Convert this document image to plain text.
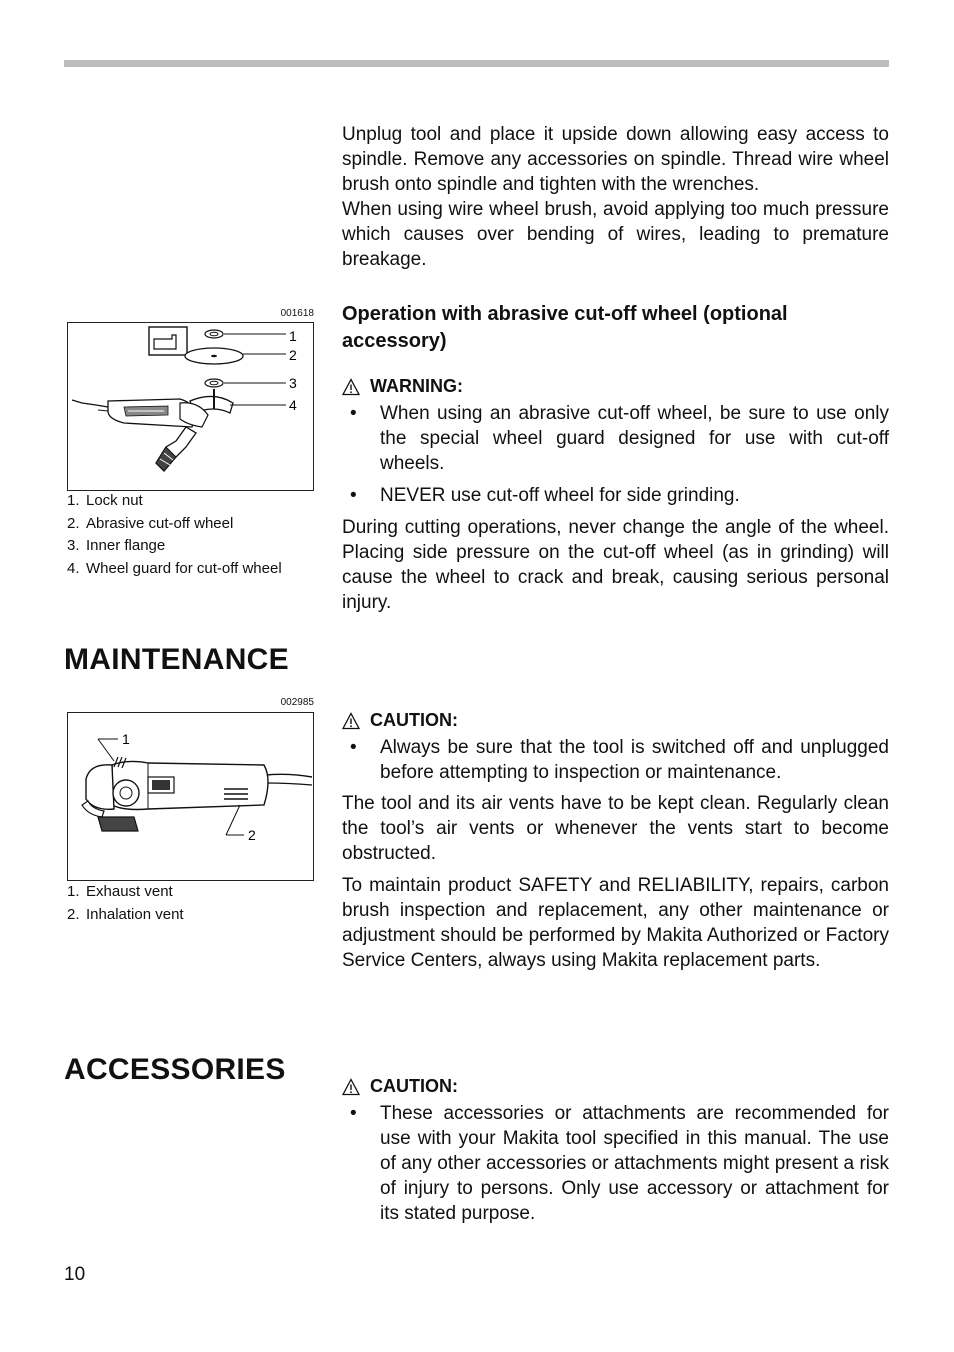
Unplug tool and place it upside down allowing easy access to spindle. Remove any accessories on spindle. Thread wire wheel brush onto spindle and tighten with the wrenches.

When using wire wheel brush, avoid applying too much pressure which causes over bending of wires, leading to premature breakage.

001618
1
2
3
4
1. Lock nut
2. Abrasive cut-off wheel
3. Inner flange
4. Wheel guard for cut-off wheel

Operation with abrasive cut-off wheel (optional accessory)

WARNING:
• When using an abrasive cut-off wheel, be sure to use only the special wheel guard designed for use with cut-off wheels.
• NEVER use cut-off wheel for side grinding.

During cutting operations, never change the angle of the wheel. Placing side pressure on the cut-off wheel (as in grinding) will cause the wheel to crack and break, causing serious personal injury.

MAINTENANCE
002985
1
2
1. Exhaust vent
2. Inhalation vent
CAUTION:
• Always be sure that the tool is switched off and unplugged before attempting to inspection or maintenance.

The tool and its air vents have to be kept clean. Regularly clean the tool’s air vents or whenever the vents start to become obstructed.

To maintain product SAFETY and RELIABILITY, repairs, carbon brush inspection and replacement, any other maintenance or adjustment should be performed by Makita Authorized or Factory Service Centers, always using Makita replacement parts.

ACCESSORIES	CAUTION:
• These accessories or attachments are recommended for use with your Makita tool specified in this manual. The use of any other accessories or attachments might present a risk of injury to persons. Only use accessory or attachment for its stated purpose.
10
